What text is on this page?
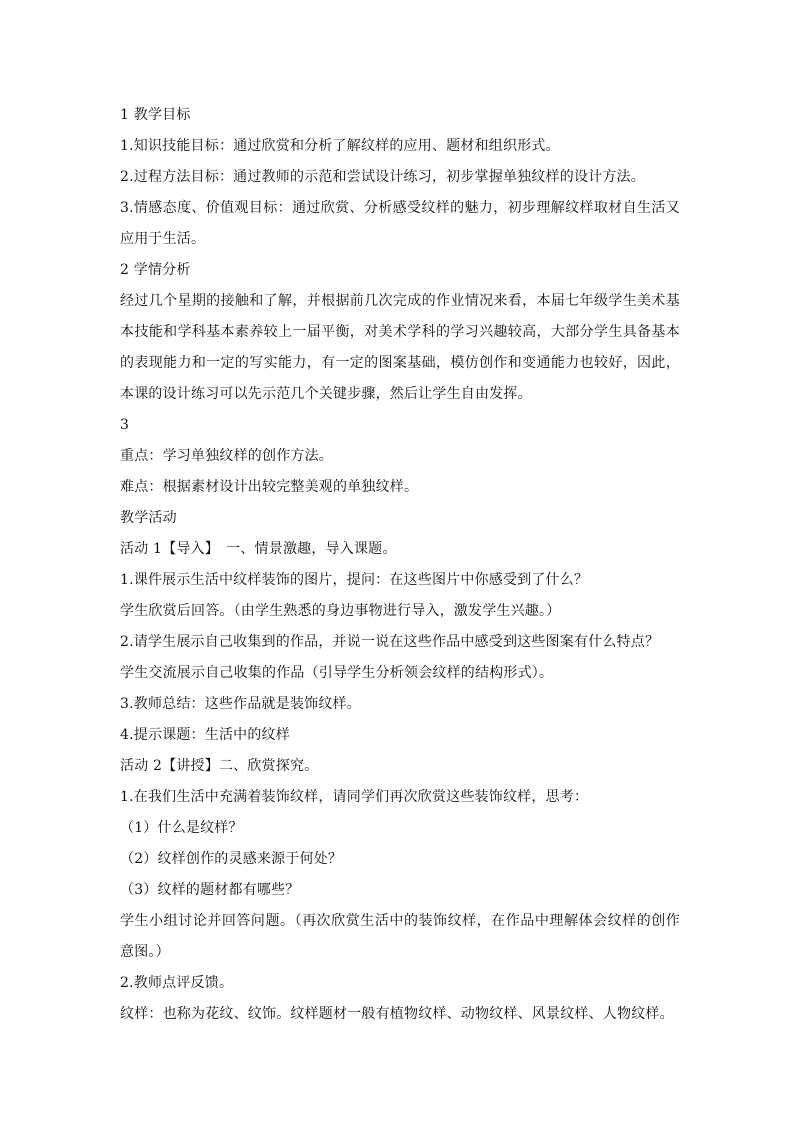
1 教学目标
1.知识技能目标：通过欣赏和分析了解纹样的应用、题材和组织形式。
2.过程方法目标：通过教师的示范和尝试设计练习，初步掌握单独纹样的设计方法。
3.情感态度、价值观目标：通过欣赏、分析感受纹样的魅力，初步理解纹样取材自生活又应用于生活。
2 学情分析
经过几个星期的接触和了解，并根据前几次完成的作业情况来看，本届七年级学生美术基本技能和学科基本素养较上一届平衡，对美术学科的学习兴趣较高，大部分学生具备基本的表现能力和一定的写实能力，有一定的图案基础，模仿创作和变通能力也较好，因此，本课的设计练习可以先示范几个关键步骤，然后让学生自由发挥。
3
重点：学习单独纹样的创作方法。
难点：根据素材设计出较完整美观的单独纹样。
教学活动
活动 1【导入】　一、情景激趣，导入课题。
1.课件展示生活中纹样装饰的图片，提问：在这些图片中你感受到了什么？
学生欣赏后回答。（由学生熟悉的身边事物进行导入，激发学生兴趣。）
2.请学生展示自己收集到的作品，并说一说在这些作品中感受到这些图案有什么特点？
学生交流展示自己收集的作品（引导学生分析领会纹样的结构形式）。
3.教师总结：这些作品就是装饰纹样。
4.提示课题：生活中的纹样
活动 2【讲授】二、欣赏探究。
1.在我们生活中充满着装饰纹样，请同学们再次欣赏这些装饰纹样，思考：
（1）什么是纹样？
（2）纹样创作的灵感来源于何处？
（3）纹样的题材都有哪些？
学生小组讨论并回答问题。（再次欣赏生活中的装饰纹样，在作品中理解体会纹样的创作意图。）
2.教师点评反馈。
纹样：也称为花纹、纹饰。纹样题材一般有植物纹样、动物纹样、风景纹样、人物纹样。
